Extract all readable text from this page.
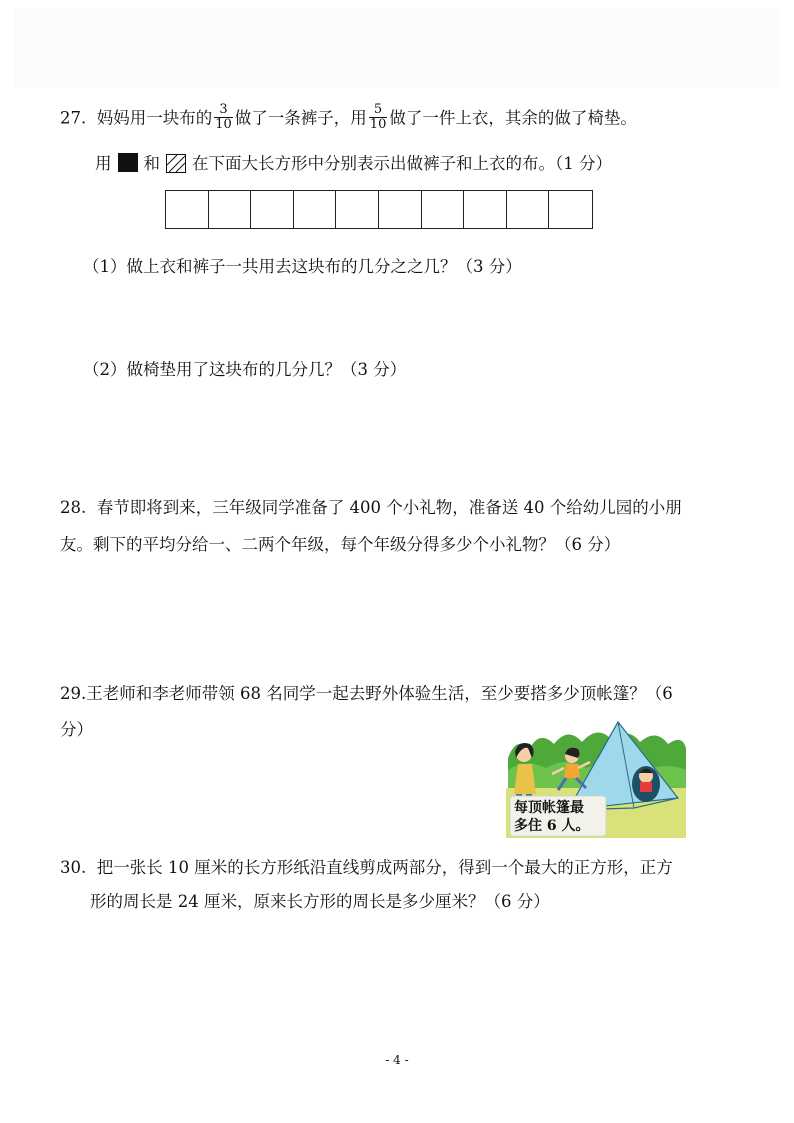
27. 妈妈用一块布的 $\frac{3}{10}$ 做了一条裤子，用 $\frac{5}{10}$ 做了一件上衣，其余的做了椅垫。
用 和 在下面大长方形中分别表示出做裤子和上衣的布。（1 分）
（1）做上衣和裤子一共用去这块布的几分之之几？（3 分）
（2）做椅垫用了这块布的几分几？（3 分）
28.  春节即将到来，三年级同学准备了 400 个小礼物，准备送 40 个给幼儿园的小朋
友。剩下的平均分给一、二两个年级，每个年级分得多少个小礼物？（6 分）
29.王老师和李老师带领 68 名同学一起去野外体验生活，至少要搭多少顶帐篷？（6
分）
每顶帐篷最
多住 6 人。
30.  把一张长 10 厘米的长方形纸沿直线剪成两部分，得到一个最大的正方形，正方
形的周长是 24 厘米，原来长方形的周长是多少厘米？（6 分）
- 4 -
